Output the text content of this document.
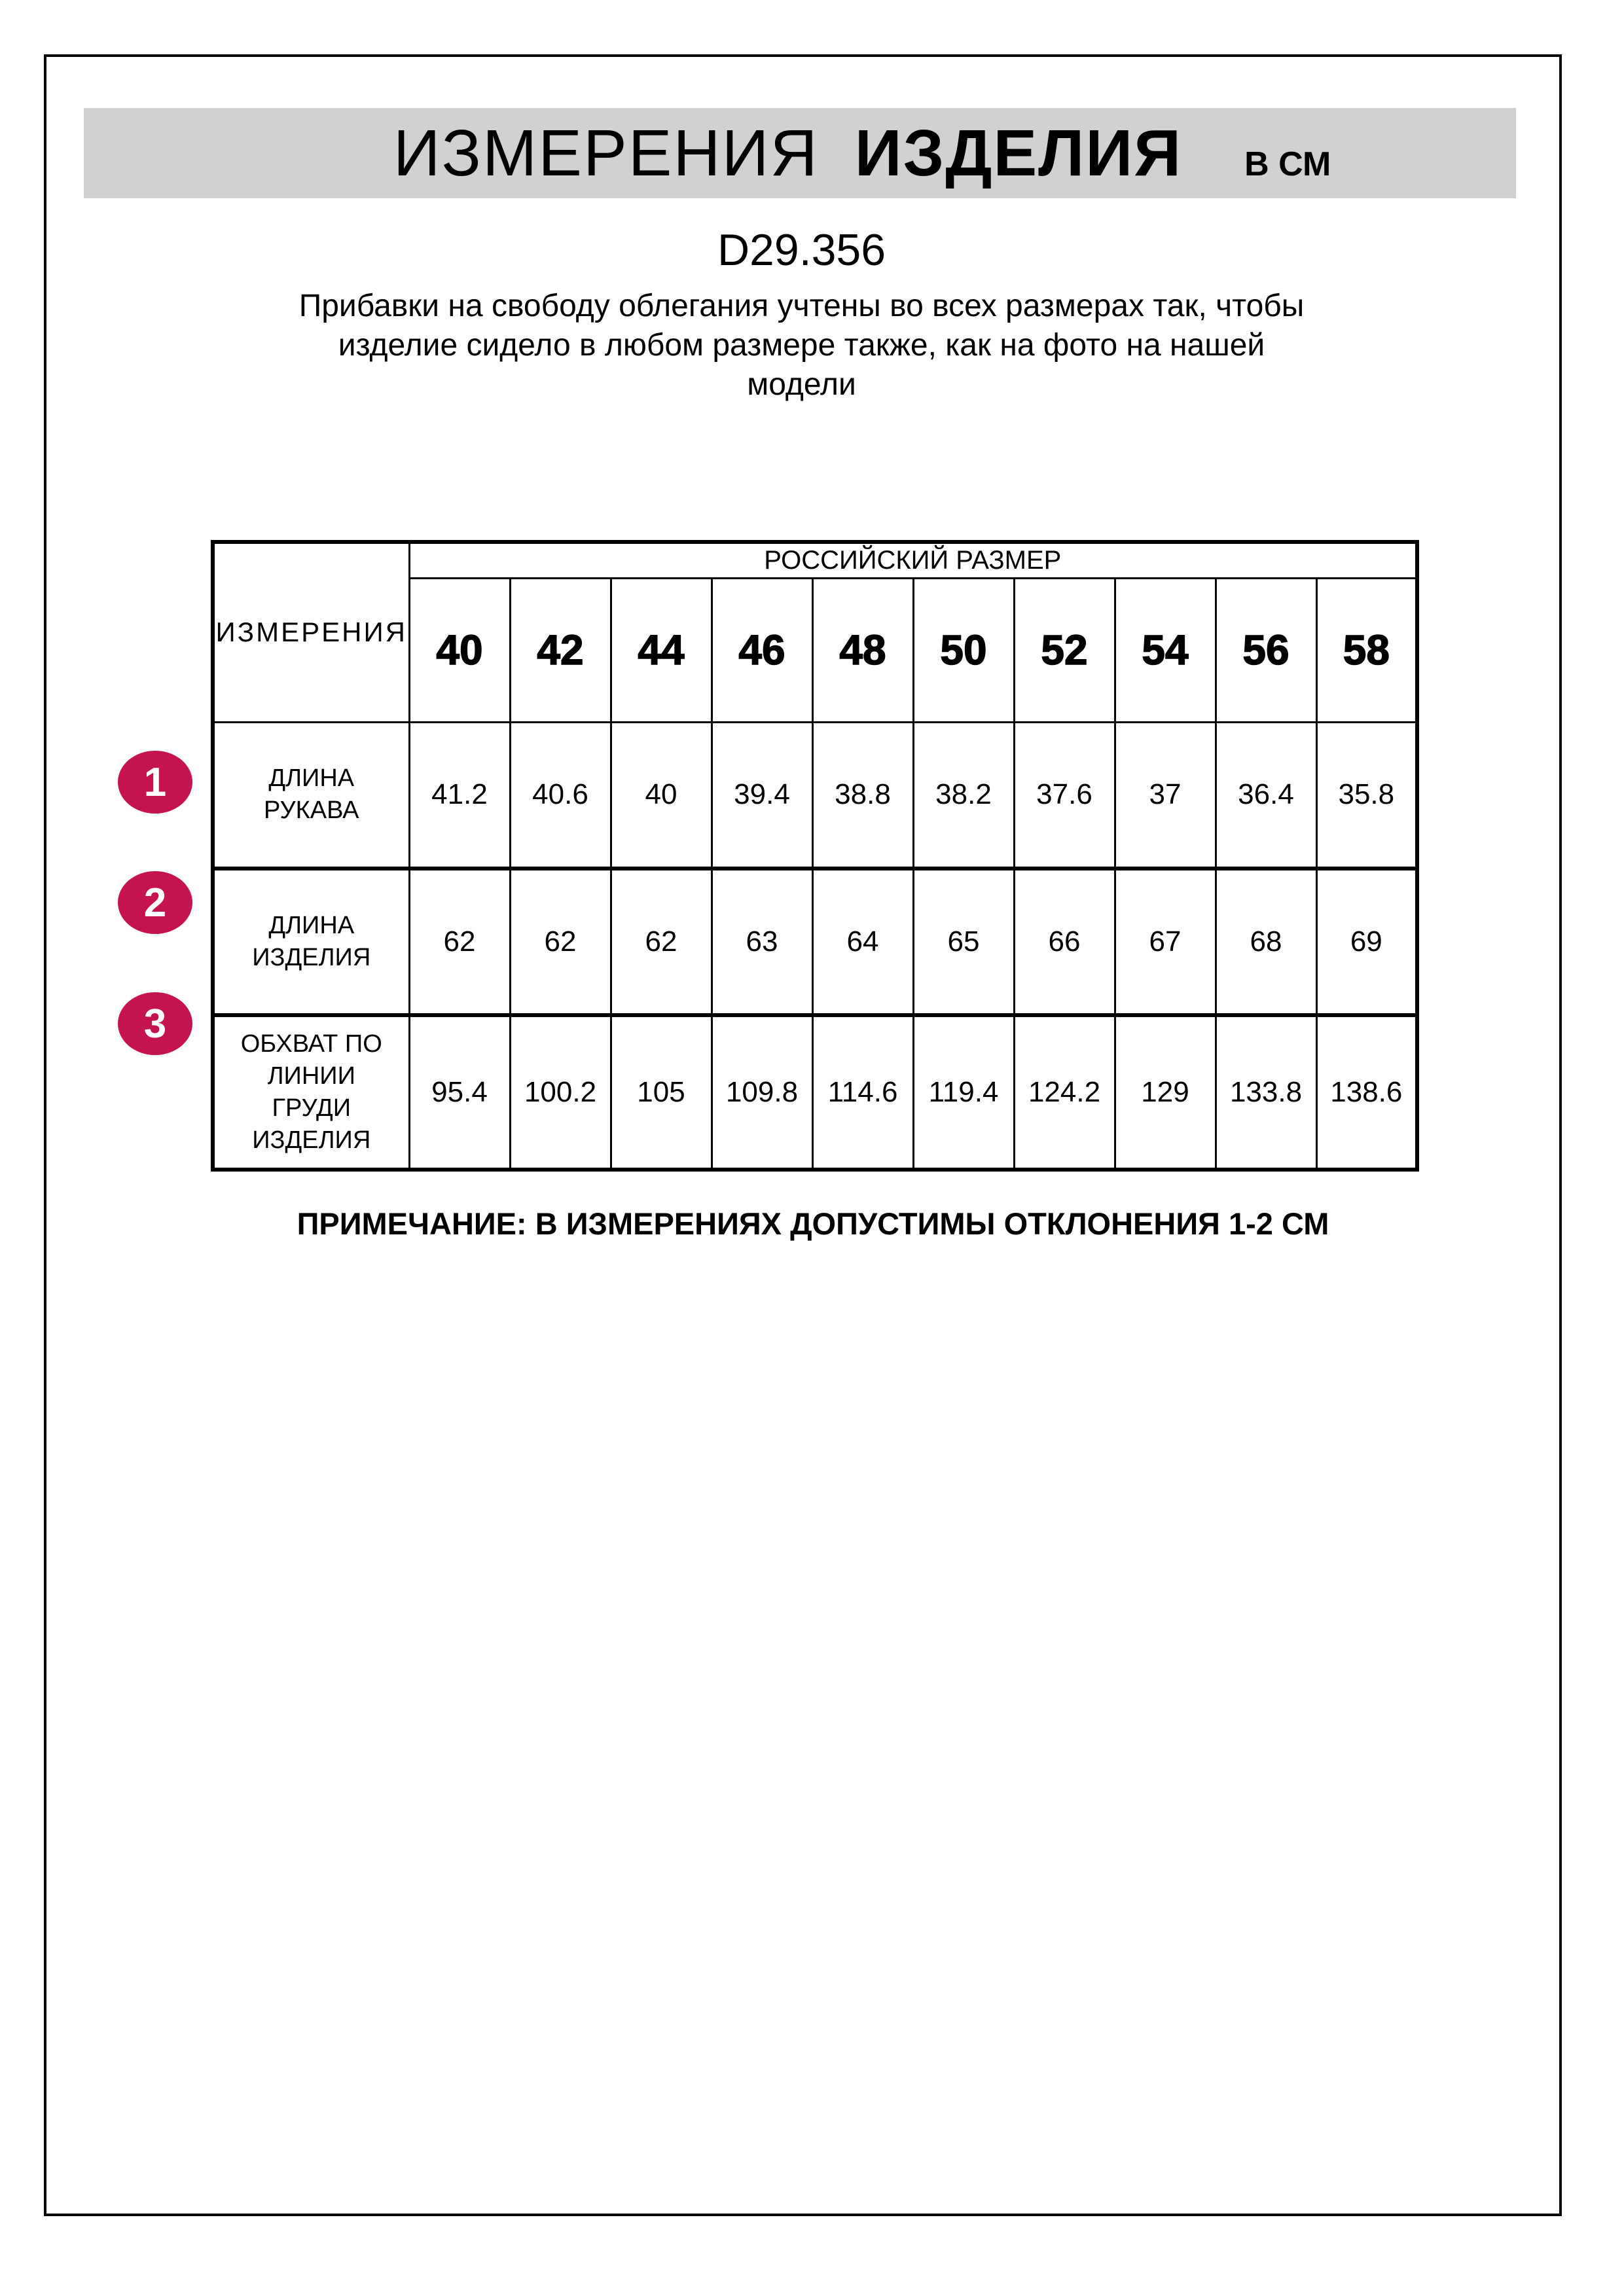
ИЗМЕРЕНИЯ ИЗДЕЛИЯ В СМ
D29.356
Прибавки на свободу облегания учтены во всех размерах так, чтобы
изделие сидело в любом размере также, как на фото на нашей
модели
ИЗМЕРЕНИЯ	РОССИЙСКИЙ РАЗМЕР									
	40	42	44	46	48	50	52	54	56	58

ДЛИНА
РУКАВА	41.2	40.6	40	39.4	38.8	38.2	37.6	37	36.4	35.8

ДЛИНА
ИЗДЕЛИЯ	62	62	62	63	64	65	66	67	68	69

ОБХВАТ ПО
ЛИНИИ
ГРУДИ
ИЗДЕЛИЯ	95.4	100.2	105	109.8	114.6	119.4	124.2	129	133.8	138.6
1
2
3
ПРИМЕЧАНИЕ: В ИЗМЕРЕНИЯХ ДОПУСТИМЫ ОТКЛОНЕНИЯ 1-2 СМ
